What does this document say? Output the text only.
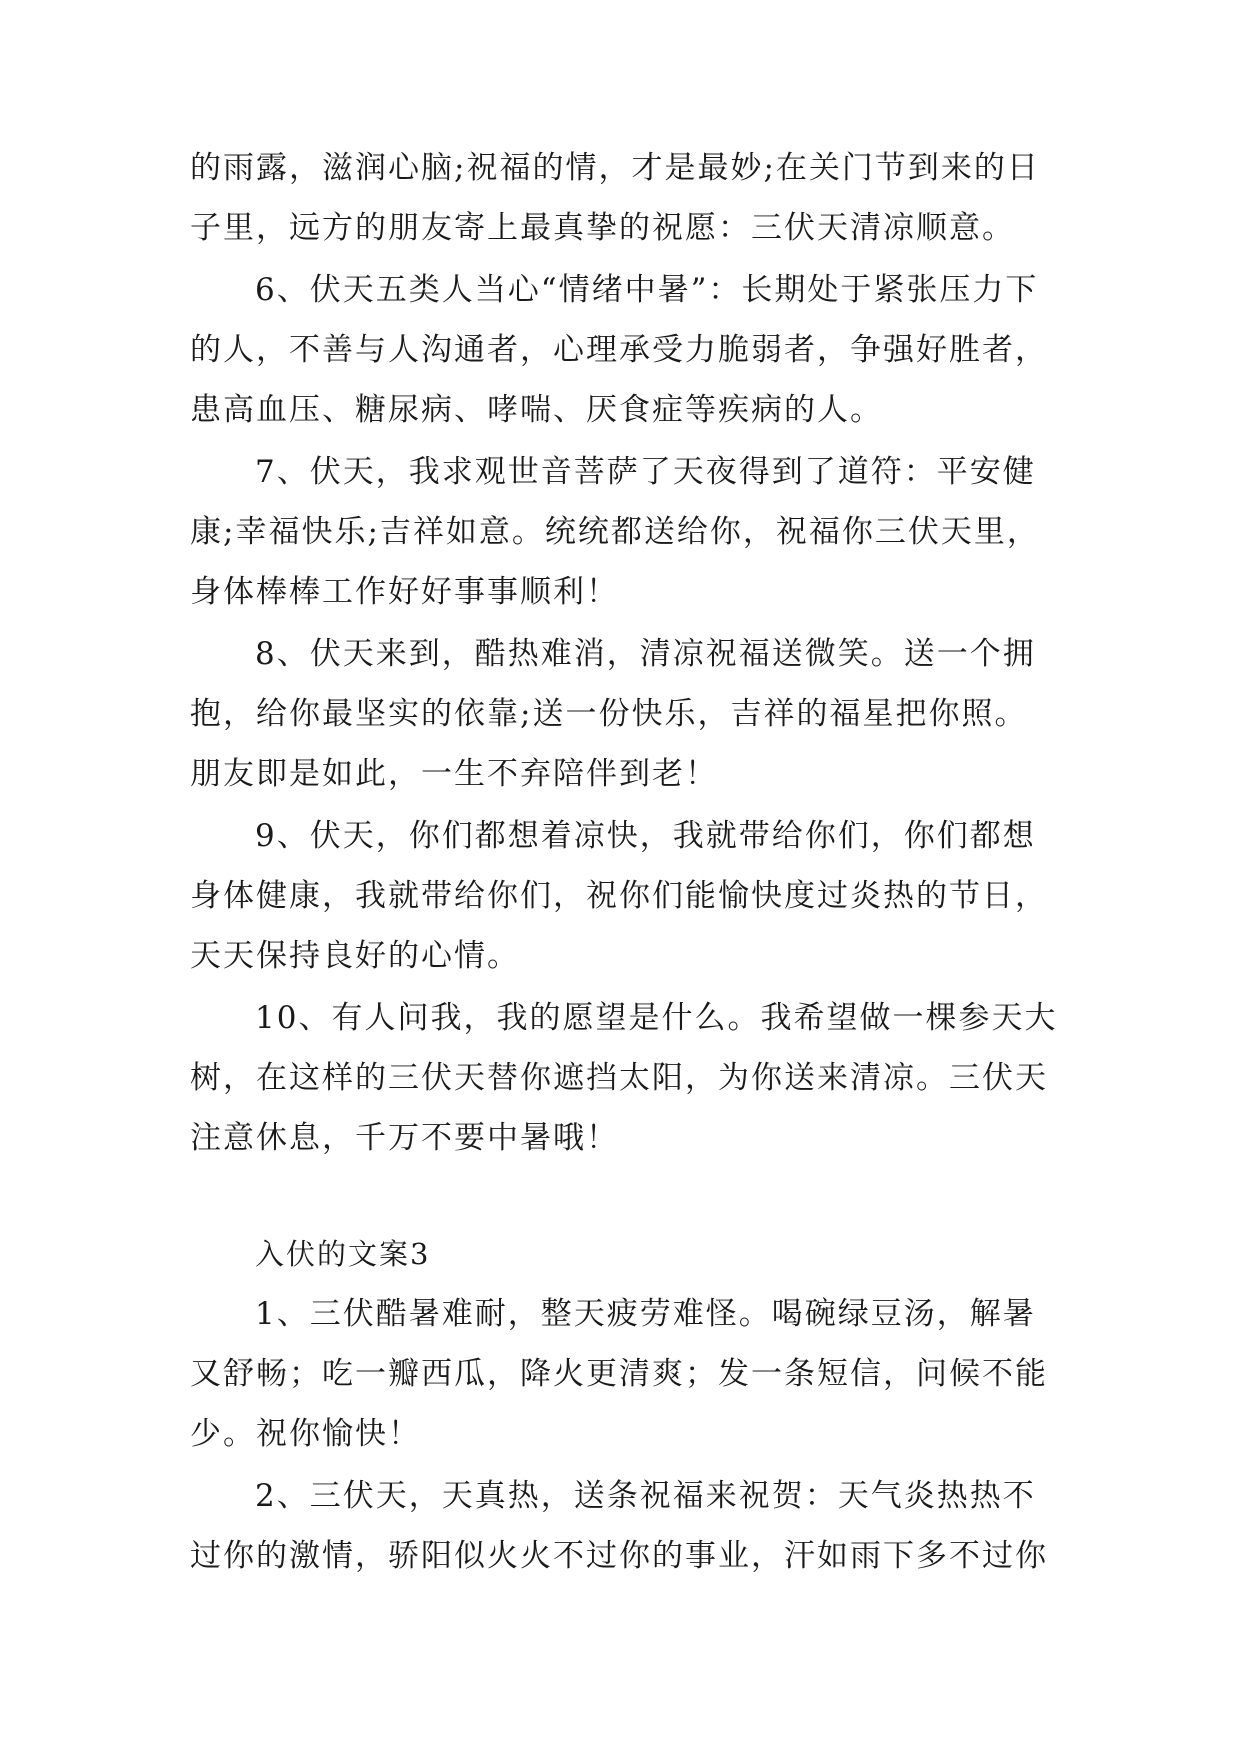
的雨露，滋润心脑;祝福的情，才是最妙;在关门节到来的日
子里，远方的朋友寄上最真挚的祝愿：三伏天清凉顺意。
6、伏天五类人当心“情绪中暑”：长期处于紧张压力下
的人，不善与人沟通者，心理承受力脆弱者，争强好胜者，
患高血压、糖尿病、哮喘、厌食症等疾病的人。
7、伏天，我求观世音菩萨了天夜得到了道符：平安健
康;幸福快乐;吉祥如意。统统都送给你，祝福你三伏天里，
身体棒棒工作好好事事顺利！
8、伏天来到，酷热难消，清凉祝福送微笑。送一个拥
抱，给你最坚实的依靠;送一份快乐，吉祥的福星把你照。
朋友即是如此，一生不弃陪伴到老！
9、伏天，你们都想着凉快，我就带给你们，你们都想
身体健康，我就带给你们，祝你们能愉快度过炎热的节日，
天天保持良好的心情。
10、有人问我，我的愿望是什么。我希望做一棵参天大
树，在这样的三伏天替你遮挡太阳，为你送来清凉。三伏天
注意休息，千万不要中暑哦！
入伏的文案3
1、三伏酷暑难耐，整天疲劳难怪。喝碗绿豆汤，解暑
又舒畅；吃一瓣西瓜，降火更清爽；发一条短信，问候不能
少。祝你愉快！
2、三伏天，天真热，送条祝福来祝贺：天气炎热热不
过你的激情，骄阳似火火不过你的事业，汗如雨下多不过你
